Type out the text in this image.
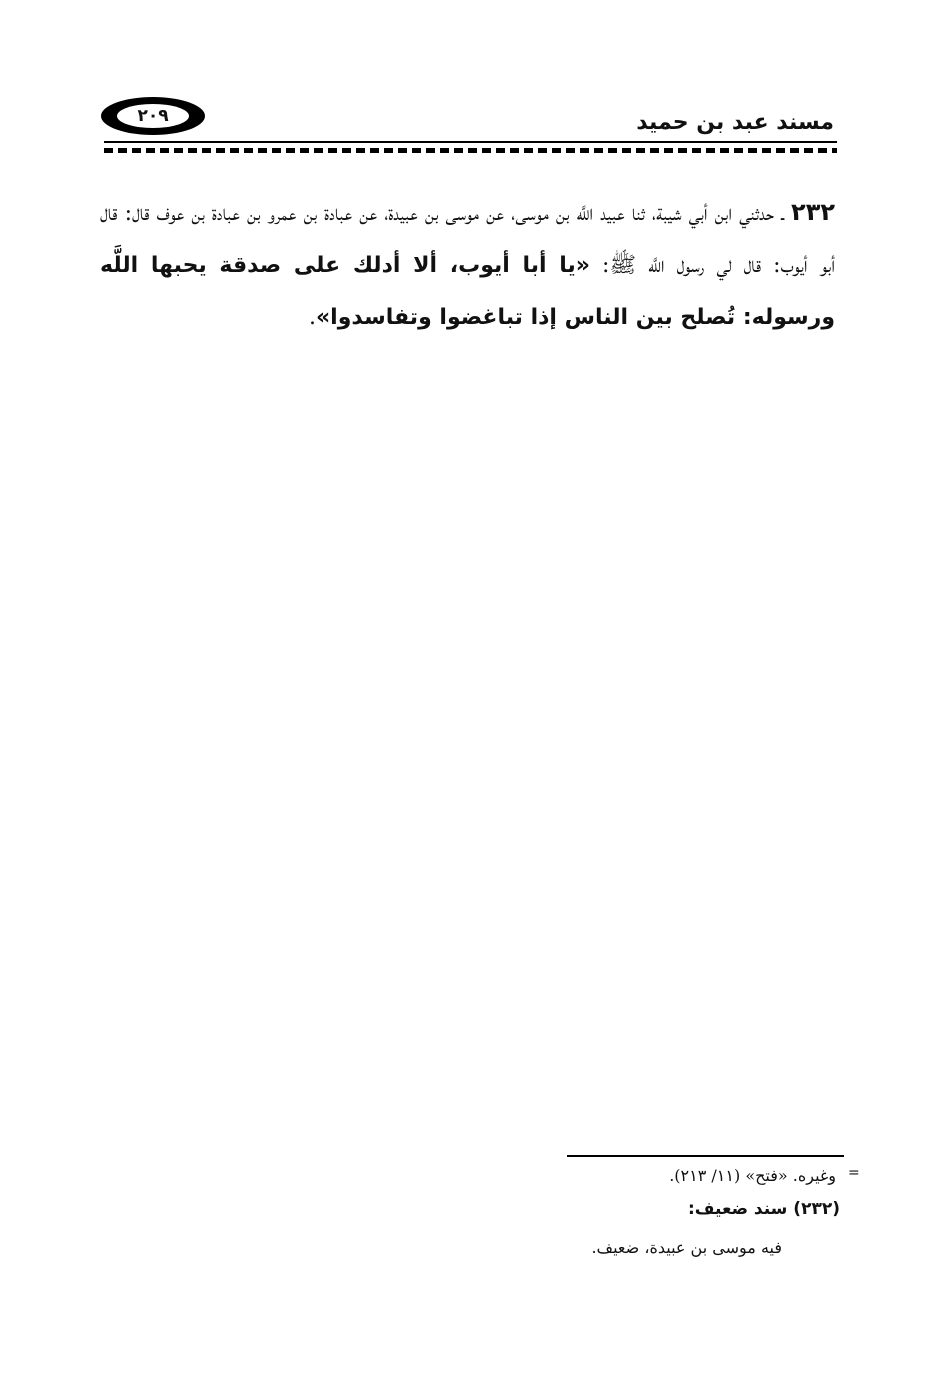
٢٠٩	مسند عبد بن حميد
٢٣٢ ـ حدثني ابن أبي شيبة، ثنا عبيد اللَّه بن موسى، عن موسى بن عبيدة، عن عبادة بن عمرو بن عبادة بن عوف قال: قال أبو أيوب: قال لي رسول اللَّه ﷺ: «يا أبا أيوب، ألا أدلك على صدقة يحبها اللَّه ورسوله: تُصلح بين الناس إذا تباغضوا وتفاسدوا».
=
وغيره. «فتح» (١١/ ٢١٣).
(٢٣٢) سند ضعيف:
فيه موسى بن عبيدة، ضعيف.
